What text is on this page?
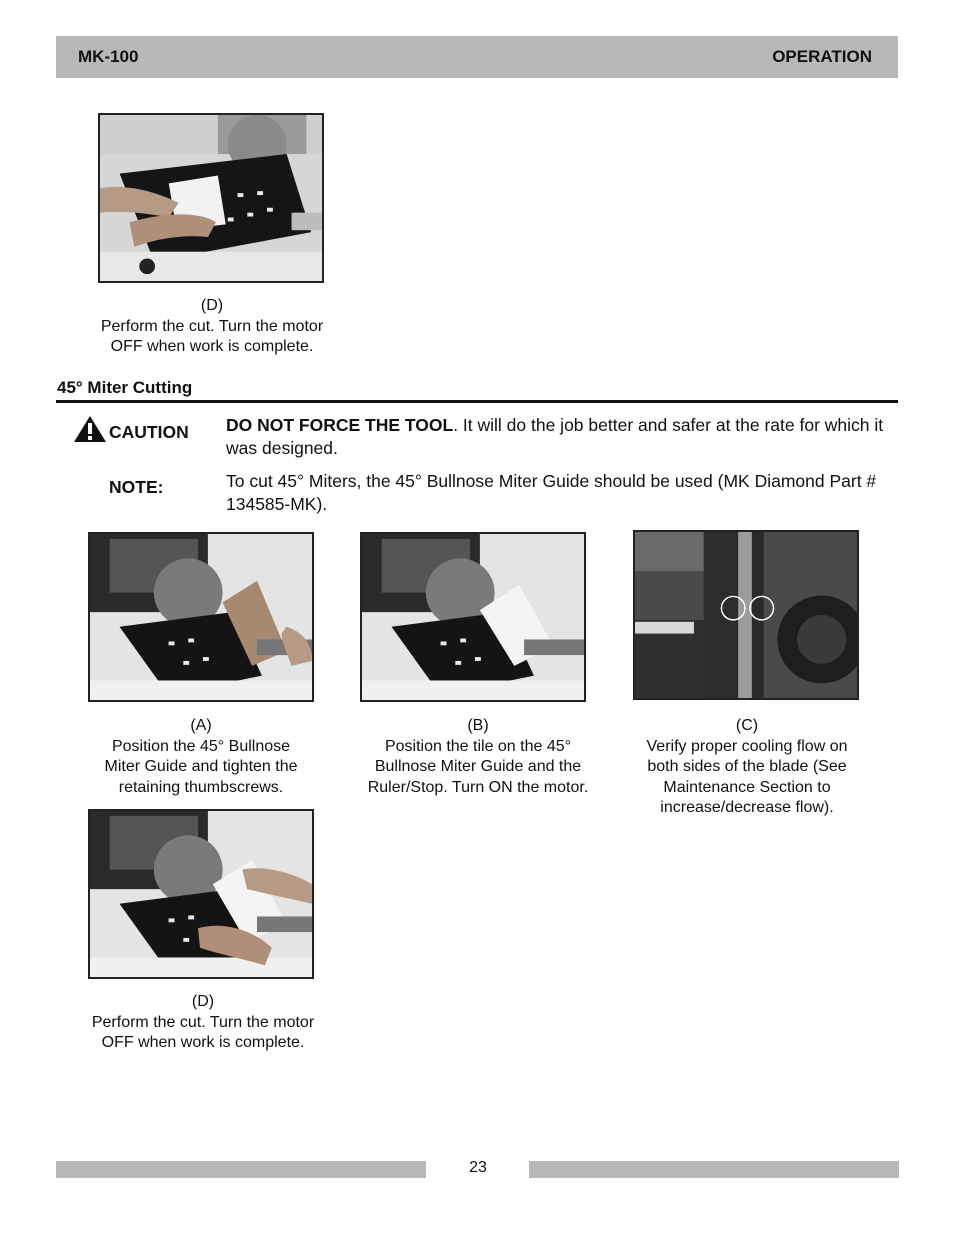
MK-100	OPERATION
(D)
Perform the cut. Turn the motor
OFF when work is complete.
45° Miter Cutting
CAUTION DO NOT FORCE THE TOOL. It will do the job better and safer at the rate for which it was designed.
NOTE:	To cut 45° Miters, the 45° Bullnose Miter Guide should be used (MK Diamond Part # 134585-MK).
(A)
Position the 45° Bullnose
Miter Guide and tighten the
retaining thumbscrews.
(B)
Position the tile on the 45°
Bullnose Miter Guide and the
Ruler/Stop. Turn ON the motor.
(C)
Verify proper cooling flow on
both sides of the blade (See
Maintenance Section to
increase/decrease flow).
(D)
Perform the cut. Turn the motor
OFF when work is complete.
23
